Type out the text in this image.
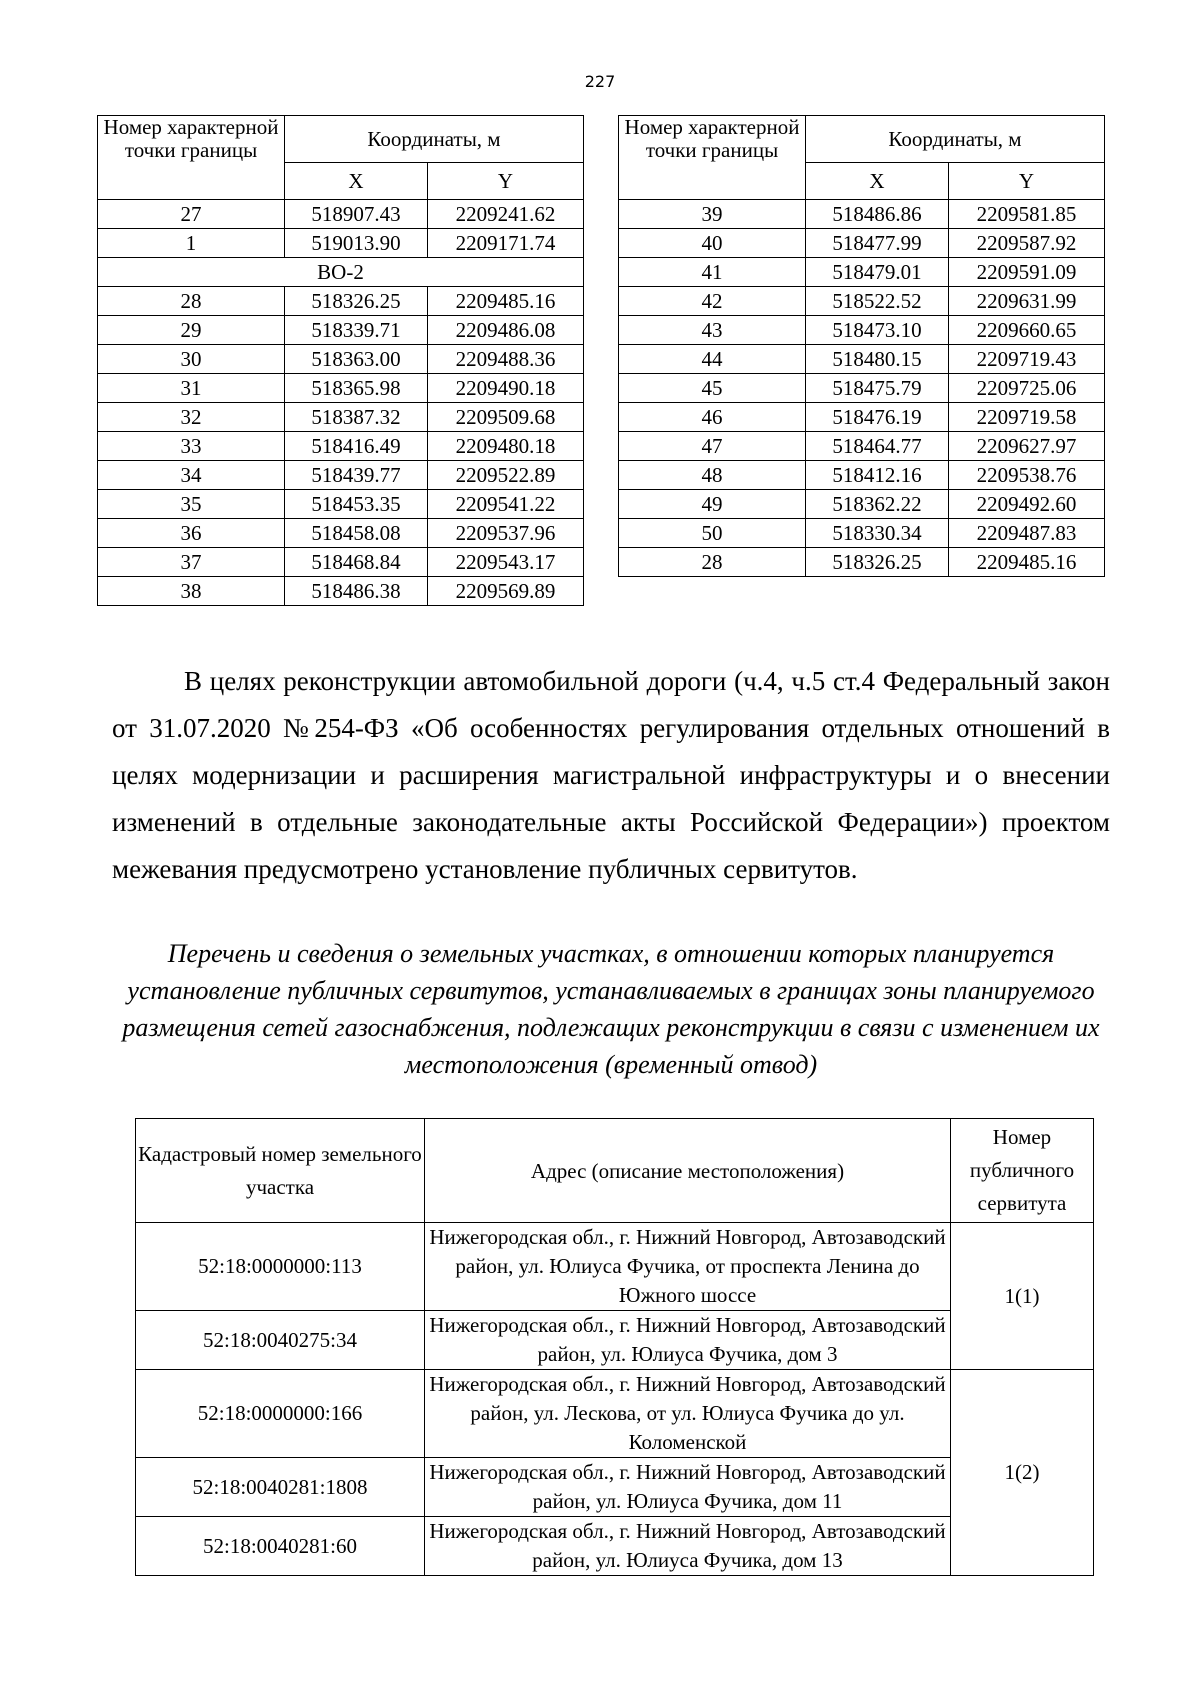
227
Номер характерной точки границы	Координаты, м	
	X	Y
27	518907.43	2209241.62
1	519013.90	2209171.74
ВО-2		
28	518326.25	2209485.16
29	518339.71	2209486.08
30	518363.00	2209488.36
31	518365.98	2209490.18
32	518387.32	2209509.68
33	518416.49	2209480.18
34	518439.77	2209522.89
35	518453.35	2209541.22
36	518458.08	2209537.96
37	518468.84	2209543.17
38	518486.38	2209569.89
Номер характерной точки границы	Координаты, м	
	X	Y
39	518486.86	2209581.85
40	518477.99	2209587.92
41	518479.01	2209591.09
42	518522.52	2209631.99
43	518473.10	2209660.65
44	518480.15	2209719.43
45	518475.79	2209725.06
46	518476.19	2209719.58
47	518464.77	2209627.97
48	518412.16	2209538.76
49	518362.22	2209492.60
50	518330.34	2209487.83
28	518326.25	2209485.16
В целях реконструкции автомобильной дороги (ч.4, ч.5 ст.4 Федеральный закон от 31.07.2020 №254-ФЗ «Об особенностях регулирования отдельных отношений в целях модернизации и расширения магистральной инфраструктуры и о внесении изменений в отдельные законодательные акты Российской Федерации») проектом межевания предусмотрено установление публичных сервитутов.
Перечень и сведения о земельных участках, в отношении которых планируется установление публичных сервитутов, устанавливаемых в границах зоны планируемого размещения сетей газоснабжения, подлежащих реконструкции в связи с изменением их местоположения (временный отвод)
Кадастровый номер земельного участка	Адрес (описание местоположения)	Номер публичного сервитута
52:18:0000000:113	Нижегородская обл., г. Нижний Новгород, Автозаводский район, ул. Юлиуса Фучика, от проспекта Ленина до Южного шоссе	1(1)
52:18:0040275:34	Нижегородская обл., г. Нижний Новгород, Автозаводский район, ул. Юлиуса Фучика, дом 3	
52:18:0000000:166	Нижегородская обл., г. Нижний Новгород, Автозаводский район, ул. Лескова, от ул. Юлиуса Фучика до ул. Коломенской	1(2)
52:18:0040281:1808	Нижегородская обл., г. Нижний Новгород, Автозаводский район, ул. Юлиуса Фучика, дом 11	
52:18:0040281:60	Нижегородская обл., г. Нижний Новгород, Автозаводский район, ул. Юлиуса Фучика, дом 13	
